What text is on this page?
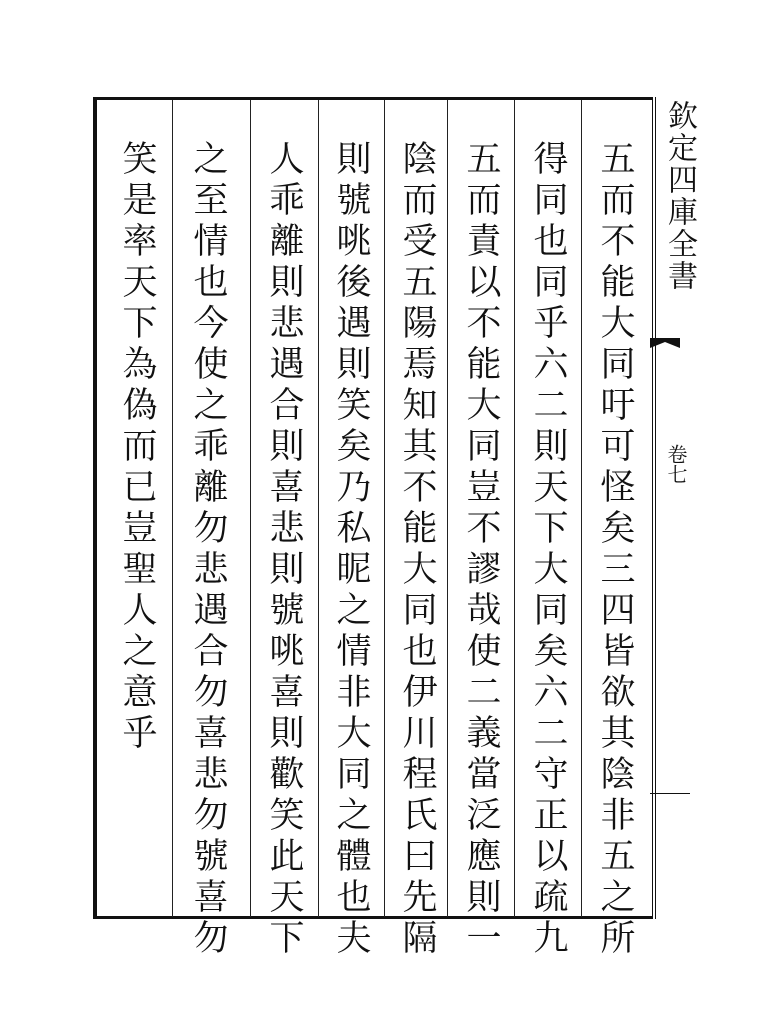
五而不能大同吁可怪矣三四皆欲其陰非五之所
得同也同乎六二則天下大同矣六二守正以疏九
五而責以不能大同豈不謬哉使二義當泛應則一
陰而受五陽焉知其不能大同也伊川程氏曰先隔
則號咷後遇則笑矣乃私昵之情非大同之體也夫
人乖離則悲遇合則喜悲則號咷喜則歡笑此天下
之至情也今使之乖離勿悲遇合勿喜悲勿號喜勿
笑是率天下為偽而已豈聖人之意乎	欽定四庫全書
卷七
